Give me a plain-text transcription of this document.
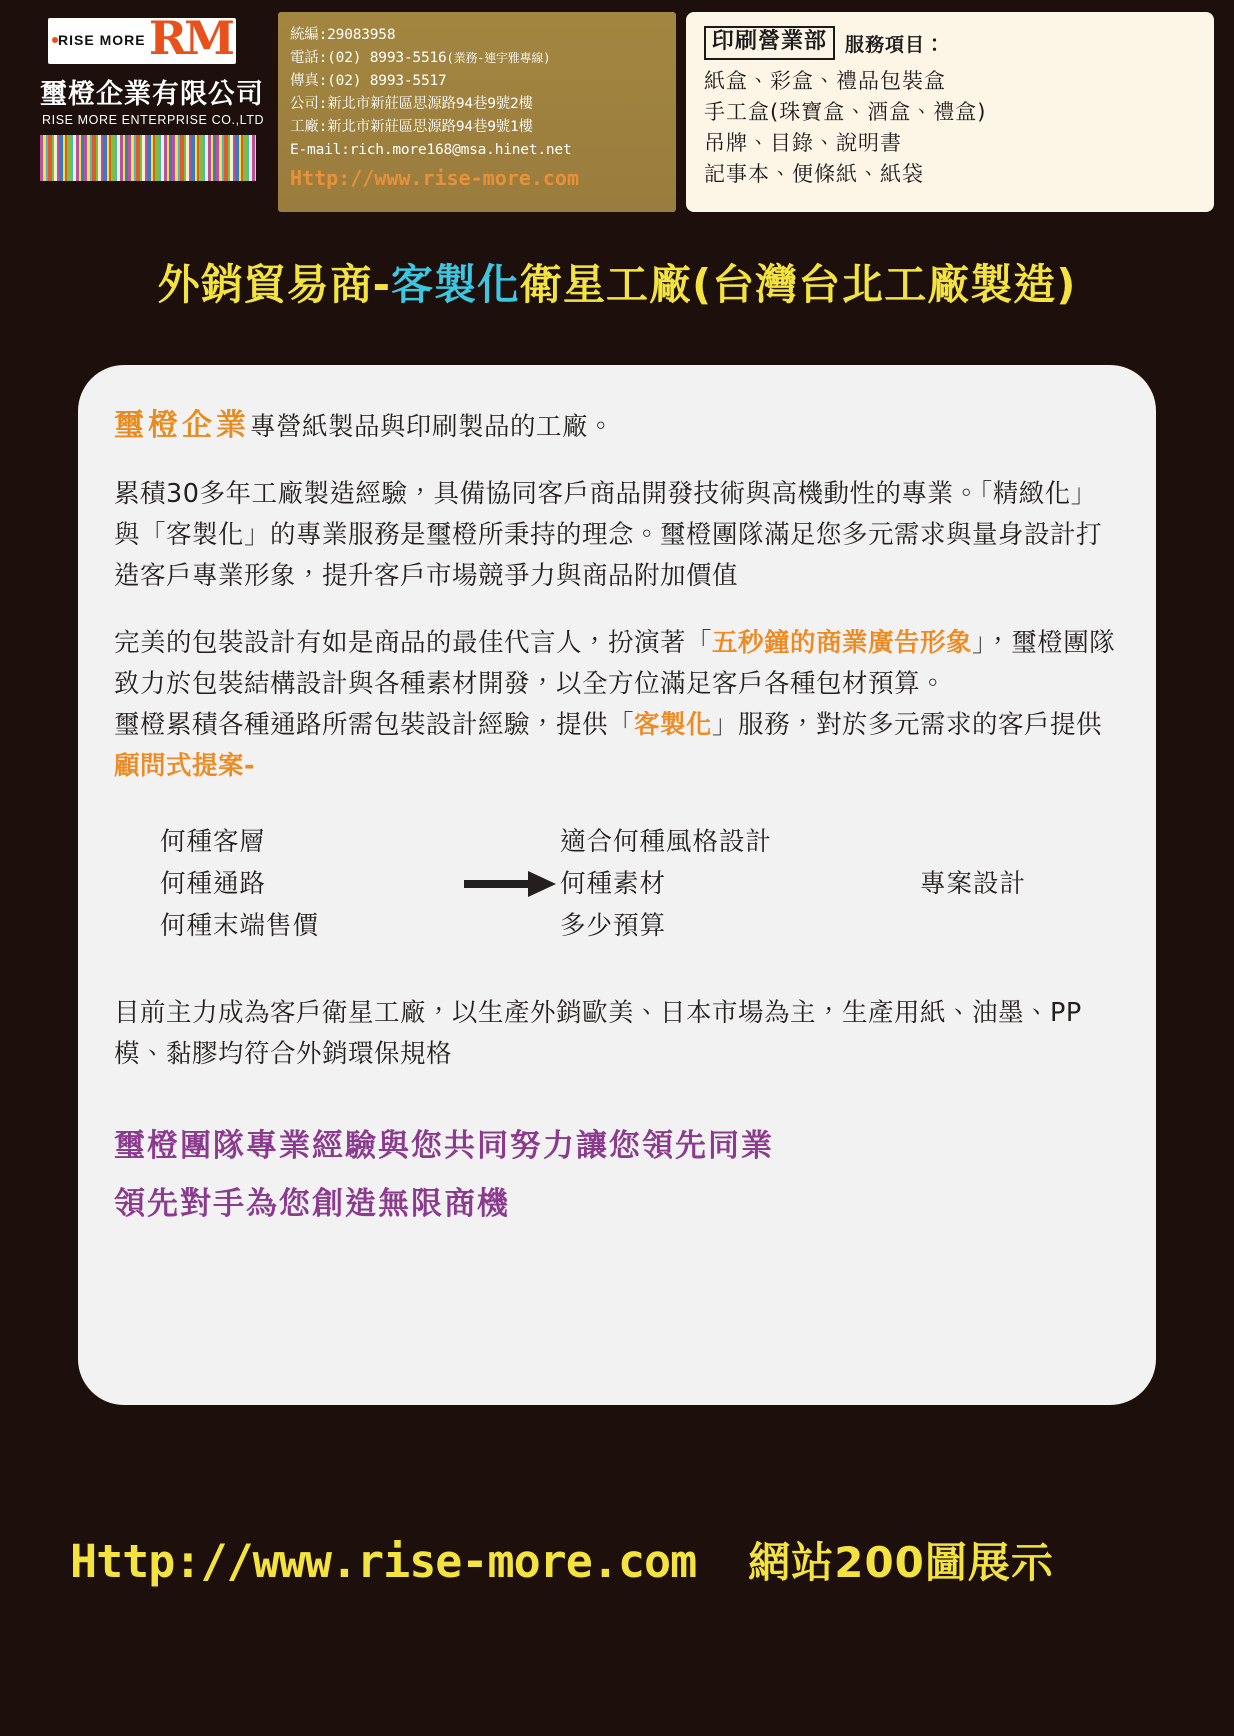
RISE MORE RM
璽橙企業有限公司
RISE MORE ENTERPRISE CO.,LTD
統編:29083958
電話:(02) 8993-5516(業務-連宇雅專線)
傳真:(02) 8993-5517
公司:新北市新莊區思源路94巷9號2樓
工廠:新北市新莊區思源路94巷9號1樓
E-mail:rich.more168@msa.hinet.net
Http://www.rise-more.com
印刷營業部 服務項目：
紙盒、彩盒、禮品包裝盒
手工盒(珠寶盒、酒盒、禮盒)
吊牌、目錄、說明書
記事本、便條紙、紙袋
外銷貿易商-客製化衛星工廠(台灣台北工廠製造)
璽橙企業專營紙製品與印刷製品的工廠。
累積30多年工廠製造經驗，具備協同客戶商品開發技術與高機動性的專業。「精緻化」與「客製化」的專業服務是璽橙所秉持的理念。璽橙團隊滿足您多元需求與量身設計打造客戶專業形象，提升客戶市場競爭力與商品附加價值
完美的包裝設計有如是商品的最佳代言人，扮演著「五秒鐘的商業廣告形象」，璽橙團隊致力於包裝結構設計與各種素材開發，以全方位滿足客戶各種包材預算。
璽橙累積各種通路所需包裝設計經驗，提供「客製化」服務，對於多元需求的客戶提供顧問式提案-
何種客層
何種通路
何種末端售價
適合何種風格設計
何種素材
多少預算
專案設計
目前主力成為客戶衛星工廠，以生產外銷歐美、日本市場為主，生產用紙、油墨、PP模、黏膠均符合外銷環保規格
璽橙團隊專業經驗與您共同努力讓您領先同業
領先對手為您創造無限商機
Http://www.rise-more.com 網站200圖展示
